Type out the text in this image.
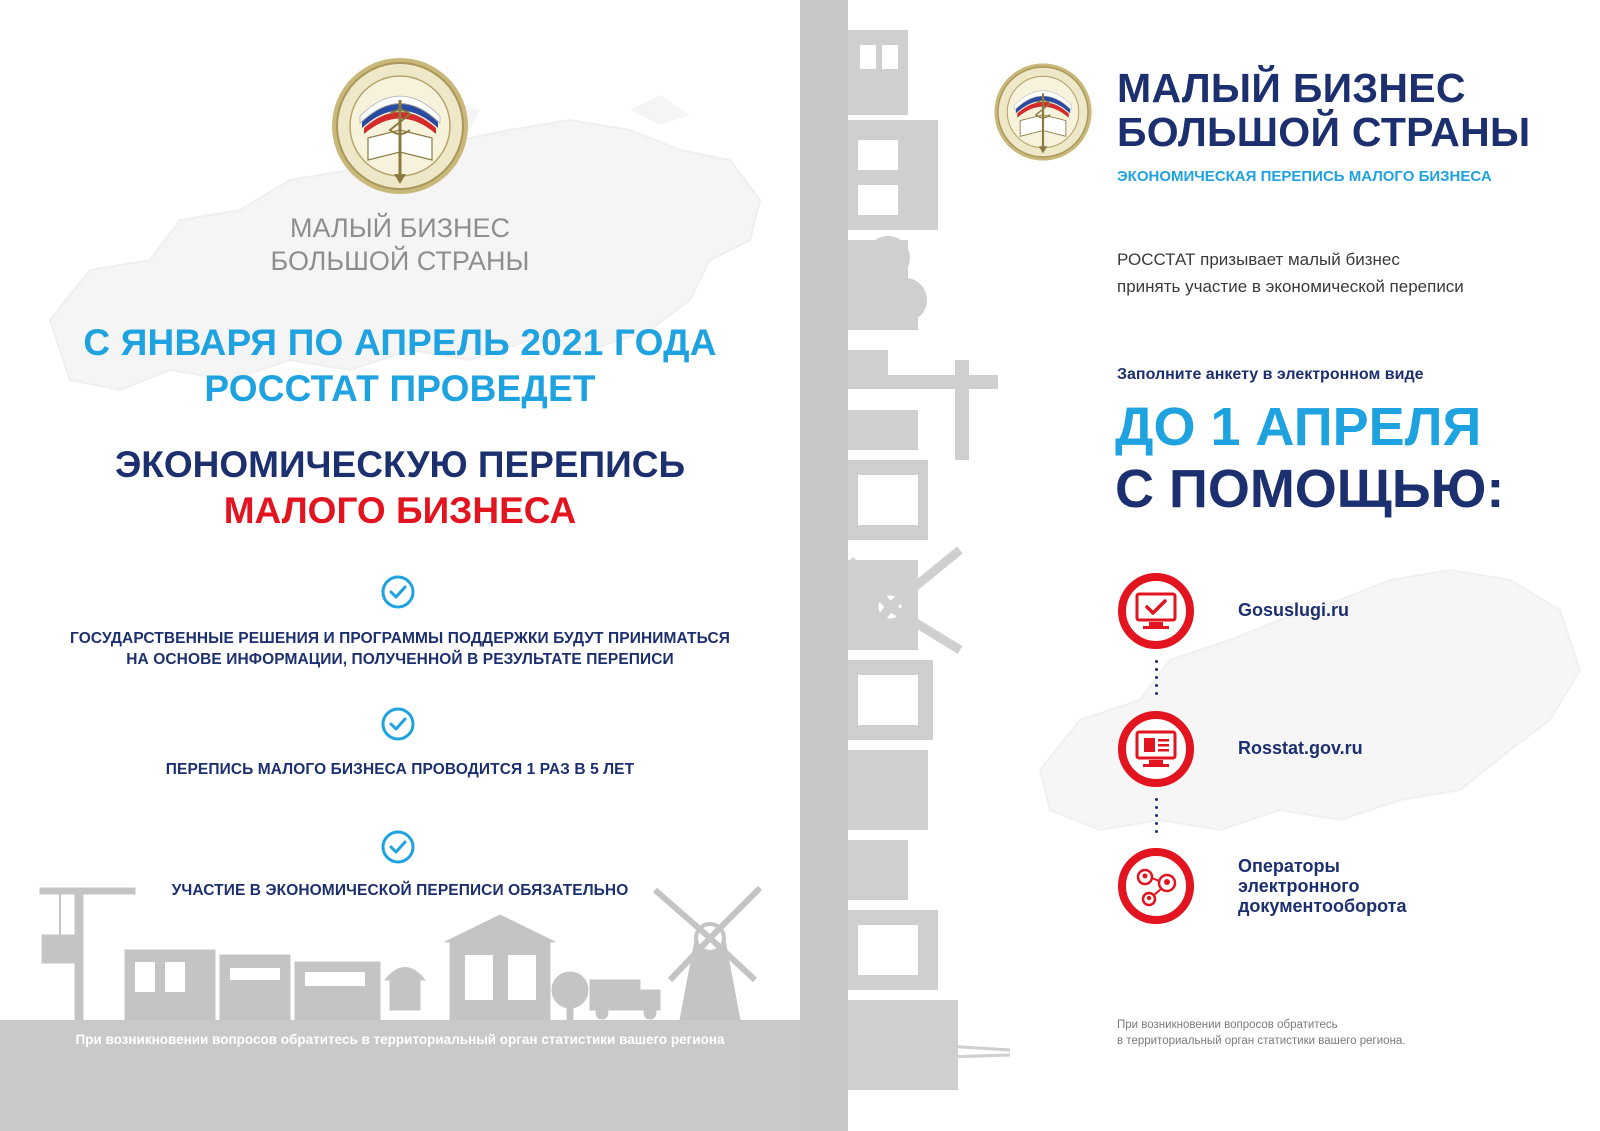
МАЛЫЙ БИЗНЕС
БОЛЬШОЙ СТРАНЫ
С ЯНВАРЯ ПО АПРЕЛЬ 2021 ГОДА
РОССТАТ ПРОВЕДЕТ
ЭКОНОМИЧЕСКУЮ ПЕРЕПИСЬ
МАЛОГО БИЗНЕСА
ГОСУДАРСТВЕННЫЕ РЕШЕНИЯ И ПРОГРАММЫ ПОДДЕРЖКИ БУДУТ ПРИНИМАТЬСЯ
НА ОСНОВЕ ИНФОРМАЦИИ, ПОЛУЧЕННОЙ В РЕЗУЛЬТАТЕ ПЕРЕПИСИ
ПЕРЕПИСЬ МАЛОГО БИЗНЕСА ПРОВОДИТСЯ 1 РАЗ В 5 ЛЕТ
УЧАСТИЕ В ЭКОНОМИЧЕСКОЙ ПЕРЕПИСИ ОБЯЗАТЕЛЬНО
При возникновении вопросов обратитесь в территориальный орган статистики вашего региона
МАЛЫЙ БИЗНЕС
БОЛЬШОЙ СТРАНЫ
ЭКОНОМИЧЕСКАЯ ПЕРЕПИСЬ МАЛОГО БИЗНЕСА
РОССТАТ призывает малый бизнес
принять участие в экономической переписи
Заполните анкету в электронном виде
ДО 1 АПРЕЛЯ
С ПОМОЩЬЮ:
Gosuslugi.ru
Rosstat.gov.ru
Операторы
электронного
документооборота
При возникновении вопросов обратитесь
в территориальный орган статистики вашего региона.
